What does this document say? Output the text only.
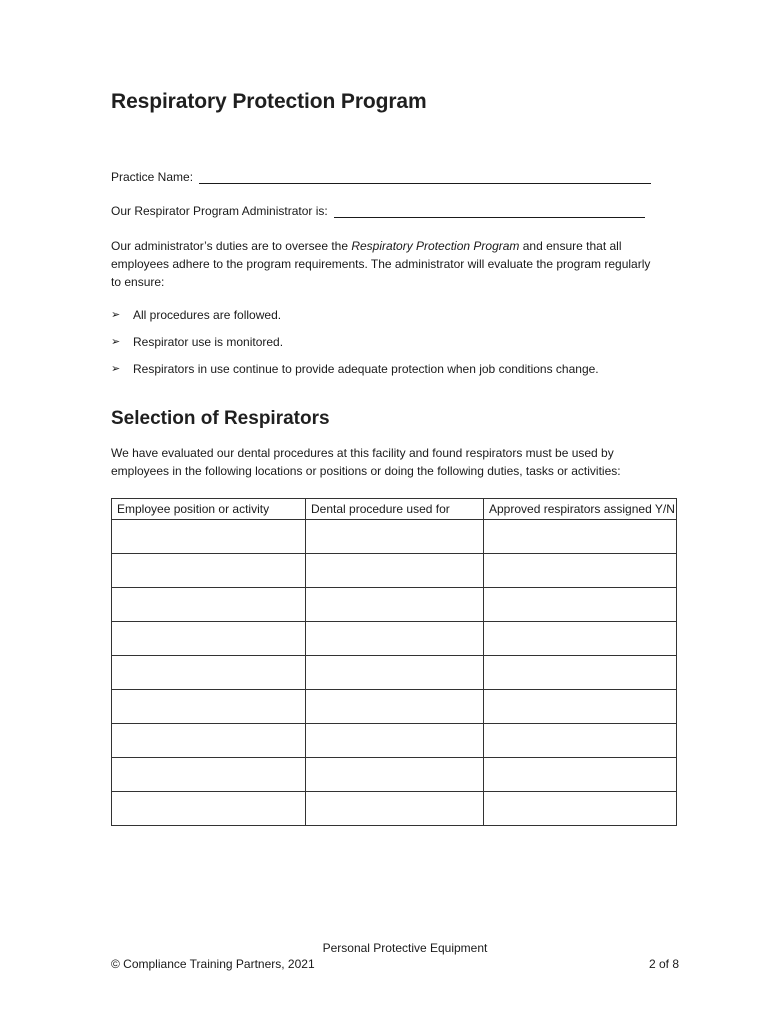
Respiratory Protection Program
Practice Name:
Our Respirator Program Administrator is:

Our administrator’s duties are to oversee the Respiratory Protection Program and ensure that all employees adhere to the program requirements. The administrator will evaluate the program regularly to ensure:

➢	All procedures are followed.
➢	Respirator use is monitored.
➢	Respirators in use continue to provide adequate protection when job conditions change.
Selection of Respirators

We have evaluated our dental procedures at this facility and found respirators must be used by employees in the following locations or positions or doing the following duties, tasks or activities:

Employee position or activity	Dental procedure used for	Approved respirators assigned Y/N

Personal Protective Equipment
© Compliance Training Partners, 2021	2 of 8
